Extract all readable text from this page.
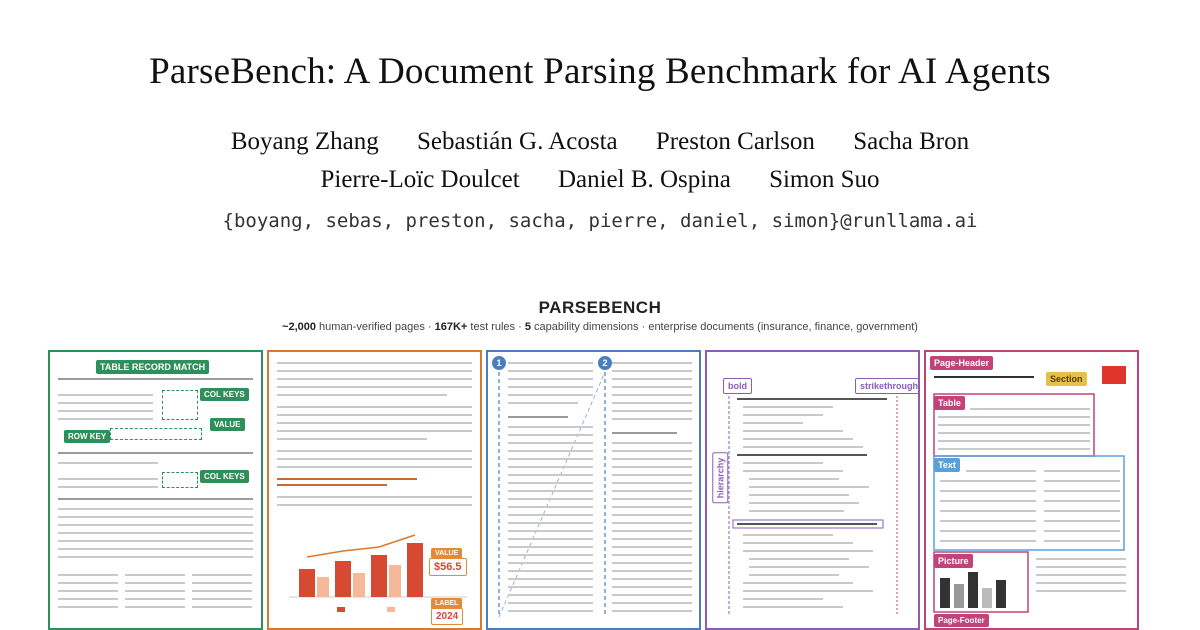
ParseBench: A Document Parsing Benchmark for AI Agents
Boyang Zhang Sebastián G. Acosta Preston Carlson Sacha Bron
Pierre-Loïc Doulcet Daniel B. Ospina Simon Suo
{boyang, sebas, preston, sacha, pierre, daniel, simon}@runllama.ai
PARSEBENCH
~2,000 human-verified pages · 167K+ test rules · 5 capability dimensions · enterprise documents (insurance, finance, government)
TABLE RECORD MATCH
COL KEYS
VALUE
ROW KEY
COL KEYS
VALUE
$56.5
LABEL
2024
1	2
bold	strikethrough
hierarchy
Page-Header
Section
Table
Text
Picture
Page-Footer
